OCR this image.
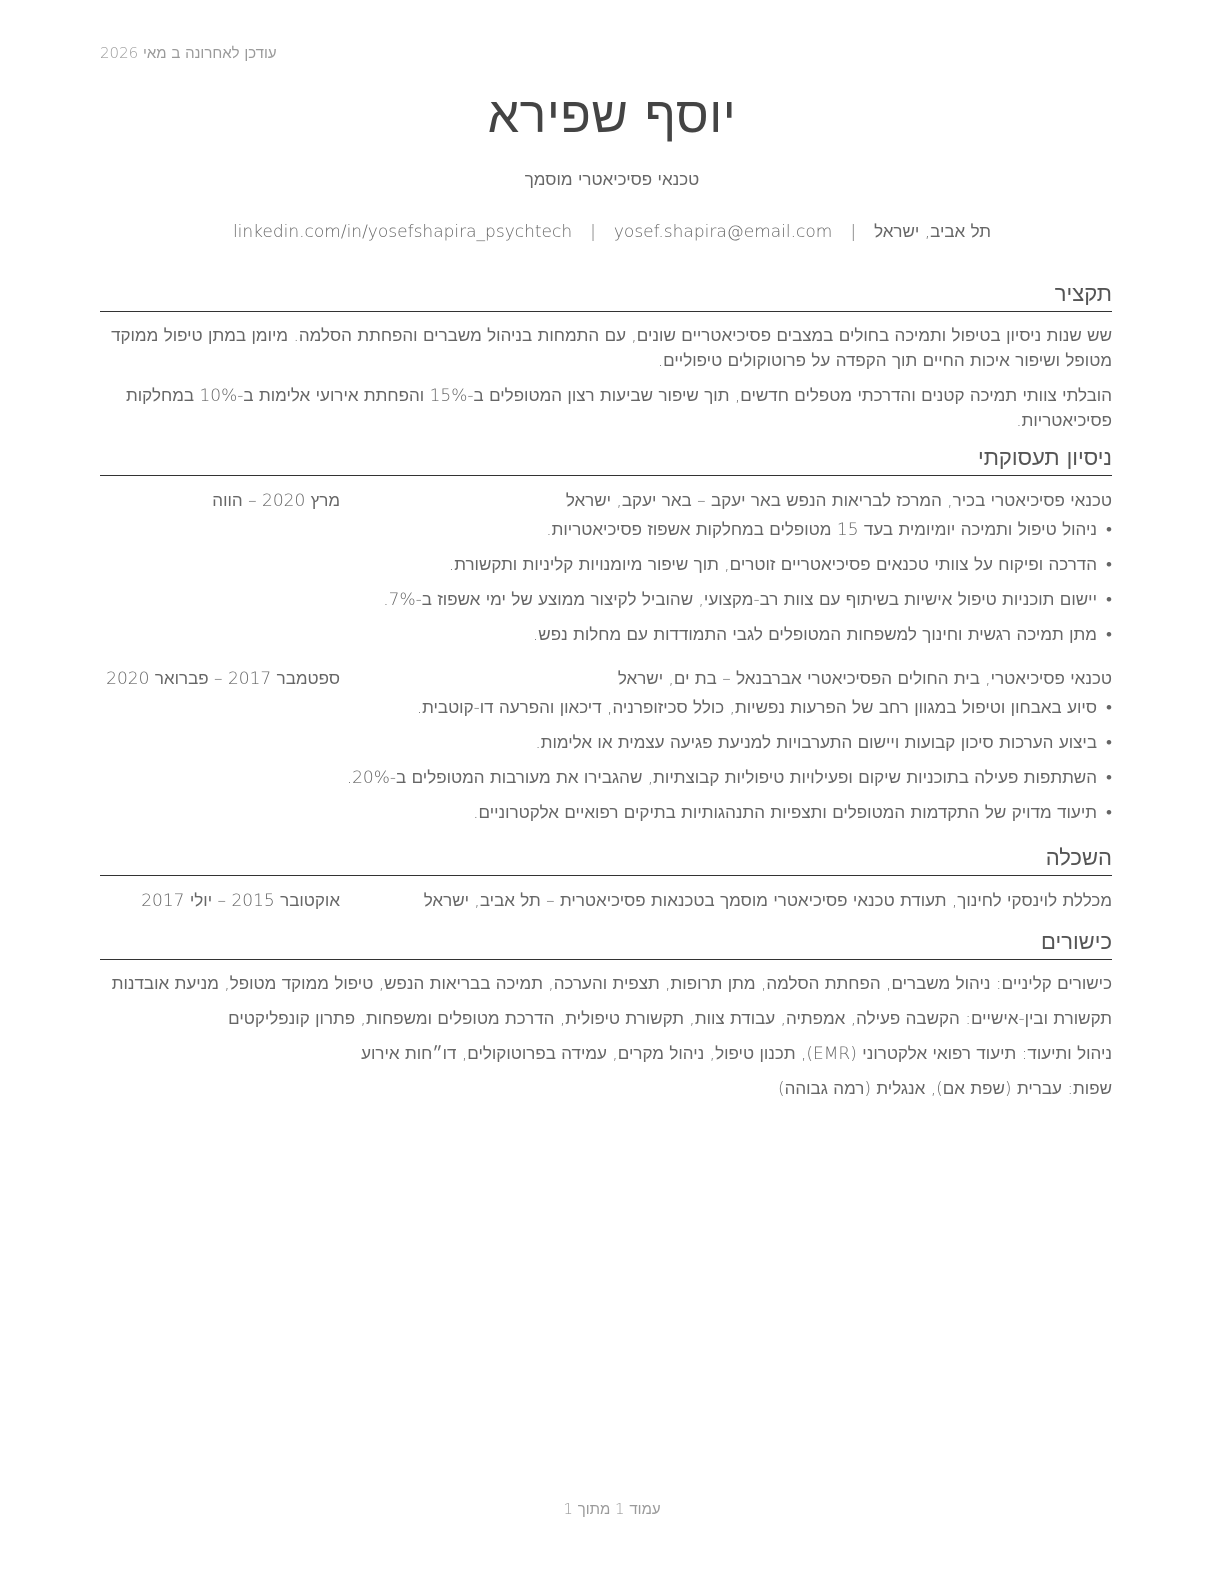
עודכן לאחרונה ב מאי 2026
יוסף שפירא
טכנאי פסיכיאטרי מוסמך
תל אביב, ישראל|yosef.shapira@email.com|linkedin.com/in/yosefshapira_psychtech
תקציר

שש שנות ניסיון בטיפול ותמיכה בחולים במצבים פסיכיאטריים שונים, עם התמחות בניהול משברים והפחתת הסלמה. מיומן במתן טיפול ממוקד מטופל ושיפור איכות החיים תוך הקפדה על פרוטוקולים טיפוליים.

הובלתי צוותי תמיכה קטנים והדרכתי מטפלים חדשים, תוך שיפור שביעות רצון המטופלים ב-15% והפחתת אירועי אלימות ב-10% במחלקות פסיכיאטריות.

ניסיון תעסוקתי
טכנאי פסיכיאטרי בכיר, המרכז לבריאות הנפש באר יעקב – באר יעקב, ישראל
מרץ 2020 – הווה
• ניהול טיפול ותמיכה יומיומית בעד 15 מטופלים במחלקות אשפוז פסיכיאטריות.
• הדרכה ופיקוח על צוותי טכנאים פסיכיאטריים זוטרים, תוך שיפור מיומנויות קליניות ותקשורת.
• יישום תוכניות טיפול אישיות בשיתוף עם צוות רב-מקצועי, שהוביל לקיצור ממוצע של ימי אשפוז ב-7%.
• מתן תמיכה רגשית וחינוך למשפחות המטופלים לגבי התמודדות עם מחלות נפש.
טכנאי פסיכיאטרי, בית החולים הפסיכיאטרי אברבנאל – בת ים, ישראל
ספטמבר 2017 – פברואר 2020
• סיוע באבחון וטיפול במגוון רחב של הפרעות נפשיות, כולל סכיזופרניה, דיכאון והפרעה דו-קוטבית.
• ביצוע הערכות סיכון קבועות ויישום התערבויות למניעת פגיעה עצמית או אלימות.
• השתתפות פעילה בתוכניות שיקום ופעילויות טיפוליות קבוצתיות, שהגבירו את מעורבות המטופלים ב-20%.
• תיעוד מדויק של התקדמות המטופלים ותצפיות התנהגותיות בתיקים רפואיים אלקטרוניים.
השכלה
מכללת לוינסקי לחינוך, תעודת טכנאי פסיכיאטרי מוסמך בטכנאות פסיכיאטרית – תל אביב, ישראל
אוקטובר 2015 – יולי 2017
כישורים
כישורים קליניים: ניהול משברים, הפחתת הסלמה, מתן תרופות, תצפית והערכה, תמיכה בבריאות הנפש, טיפול ממוקד מטופל, מניעת אובדנות
תקשורת ובין-אישיים: הקשבה פעילה, אמפתיה, עבודת צוות, תקשורת טיפולית, הדרכת מטופלים ומשפחות, פתרון קונפליקטים
ניהול ותיעוד: תיעוד רפואי אלקטרוני (EMR), תכנון טיפול, ניהול מקרים, עמידה בפרוטוקולים, דו״חות אירוע
שפות: עברית (שפת אם), אנגלית (רמה גבוהה)
עמוד 1 מתוך 1
